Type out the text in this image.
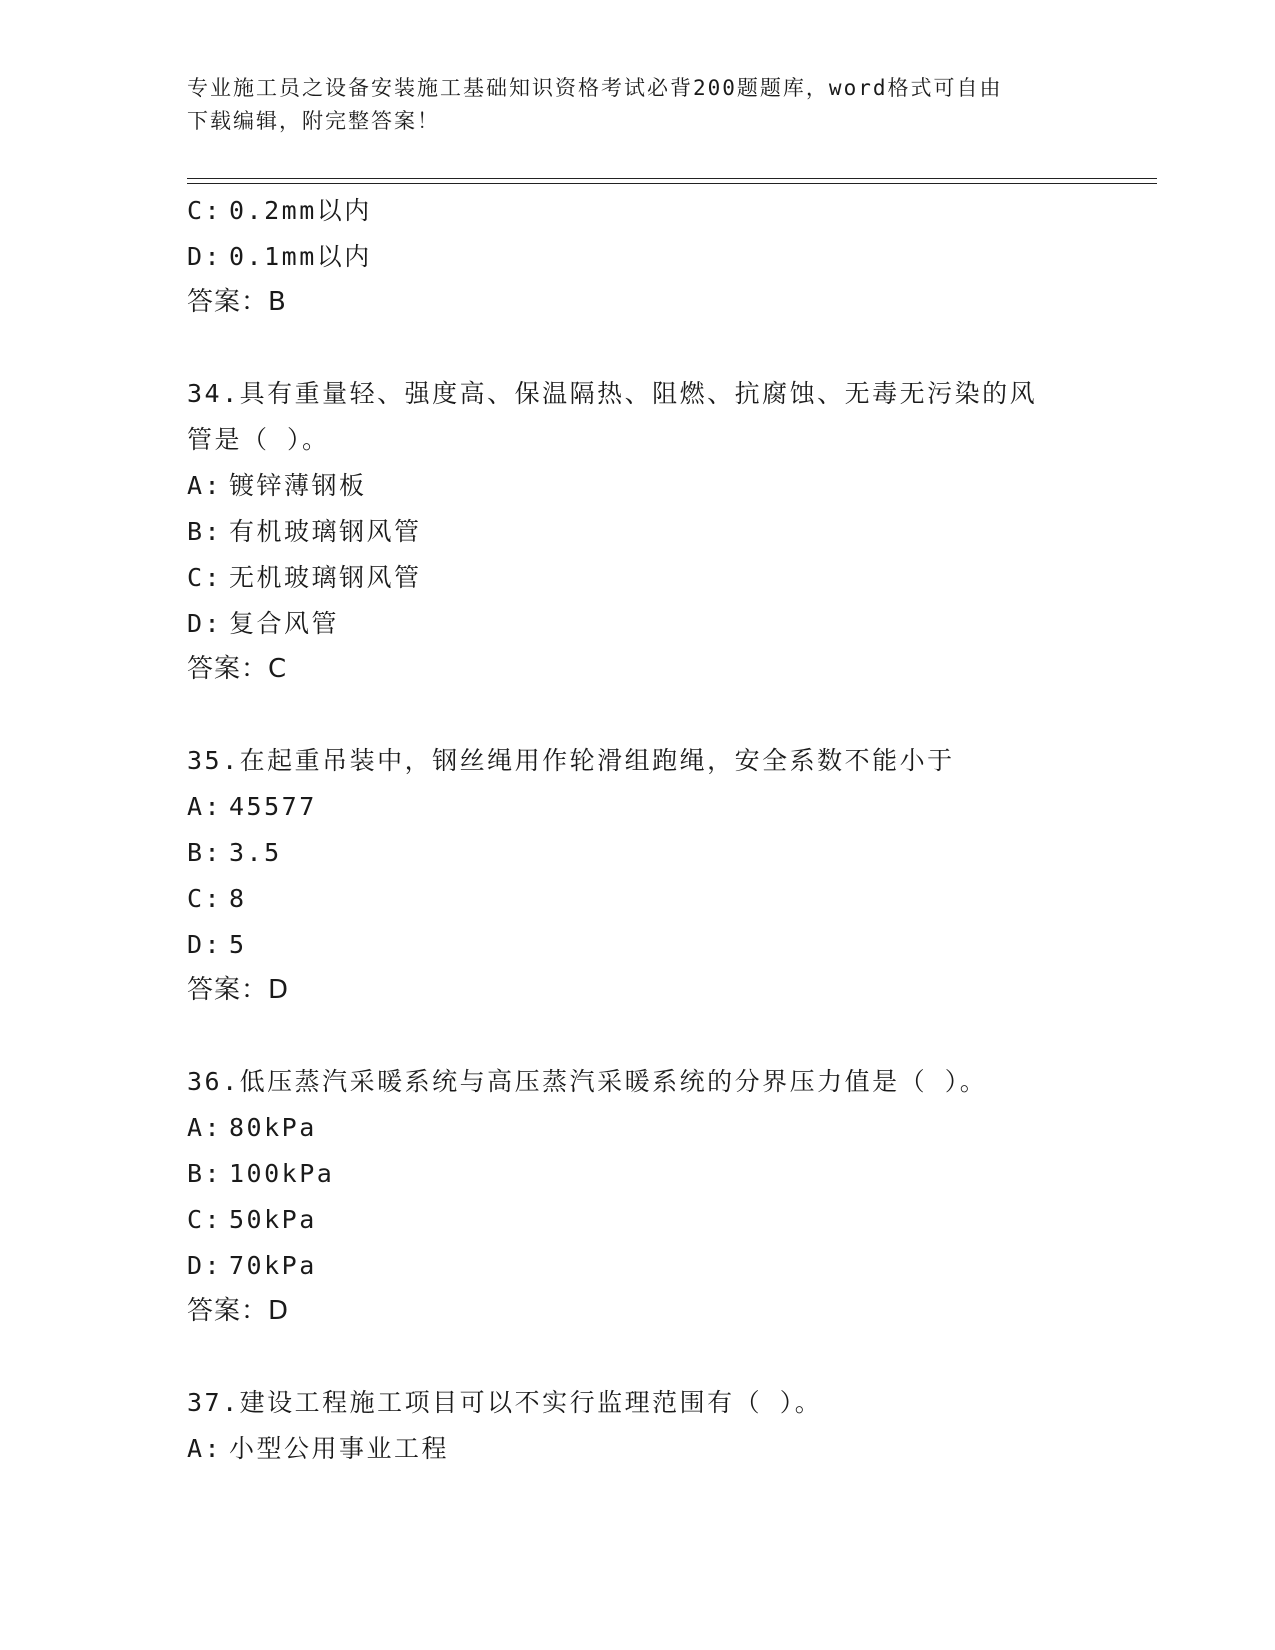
专业施工员之设备安装施工基础知识资格考试必背200题题库，word格式可自由
下载编辑，附完整答案！
C: 0.2mm以内
D: 0.1mm以内
答案：B
34.具有重量轻、强度高、保温隔热、阻燃、抗腐蚀、无毒无污染的风
管是（ ）。
A: 镀锌薄钢板
B: 有机玻璃钢风管
C: 无机玻璃钢风管
D: 复合风管
答案：C
35.在起重吊装中，钢丝绳用作轮滑组跑绳，安全系数不能小于
A: 45577
B: 3.5
C: 8
D: 5
答案：D
36.低压蒸汽采暖系统与高压蒸汽采暖系统的分界压力值是（ ）。
A: 80kPa
B: 100kPa
C: 50kPa
D: 70kPa
答案：D
37.建设工程施工项目可以不实行监理范围有（ ）。
A: 小型公用事业工程
